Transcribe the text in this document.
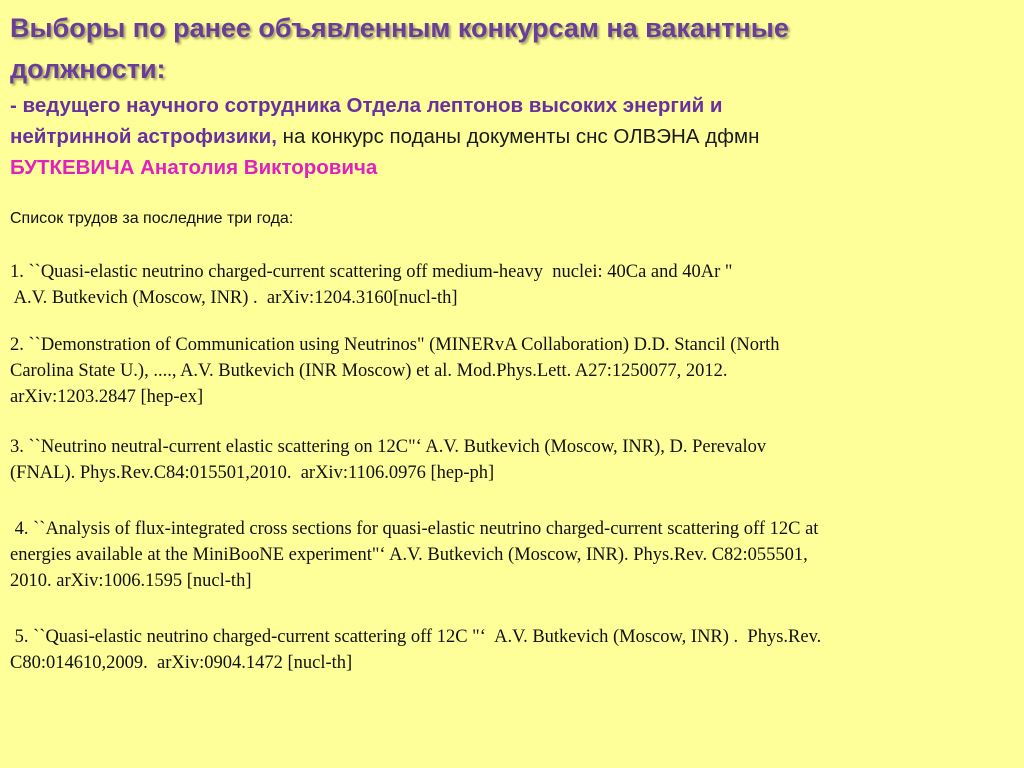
Выборы по ранее объявленным конкурсам на вакантные
должности:
- ведущего научного сотрудника Отдела лептонов высоких энергий и
нейтринной астрофизики, на конкурс поданы документы снс ОЛВЭНА дфмн
БУТКЕВИЧА Анатолия Викторовича
Список трудов за последние три года:
1. ``Quasi-elastic neutrino charged-current scattering off medium-heavy  nuclei: 40Ca and 40Ar "
A.V. Butkevich (Moscow, INR) .  arXiv:1204.3160[nucl-th]
2. ``Demonstration of Communication using Neutrinos" (MINERvA Collaboration) D.D. Stancil (North
Carolina State U.), ...., A.V. Butkevich (INR Moscow) et al. Mod.Phys.Lett. A27:1250077, 2012.
arXiv:1203.2847 [hep-ex]
3. ``Neutrino neutral-current elastic scattering on 12C"‘ A.V. Butkevich (Moscow, INR), D. Perevalov
(FNAL). Phys.Rev.C84:015501,2010.  arXiv:1106.0976 [hep-ph]
4. ``Analysis of flux-integrated cross sections for quasi-elastic neutrino charged-current scattering off 12C at
energies available at the MiniBooNE experiment"‘ A.V. Butkevich (Moscow, INR). Phys.Rev. C82:055501,
2010. arXiv:1006.1595 [nucl-th]
5. ``Quasi-elastic neutrino charged-current scattering off 12C "‘  A.V. Butkevich (Moscow, INR) .  Phys.Rev.
C80:014610,2009.  arXiv:0904.1472 [nucl-th]
